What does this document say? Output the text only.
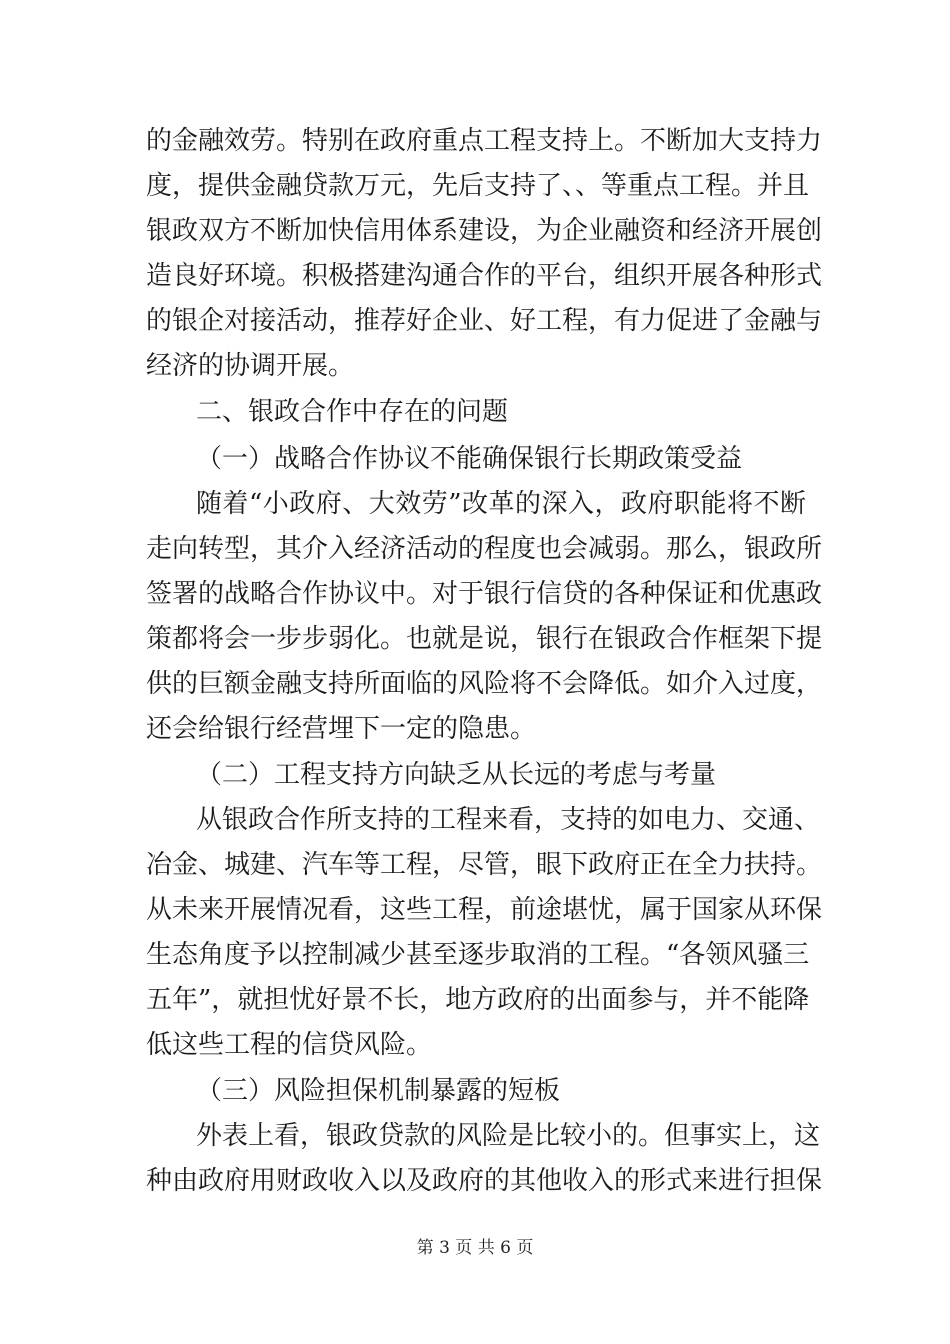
的金融效劳。特别在政府重点工程支持上。不断加大支持力
度，提供金融贷款万元，先后支持了、、等重点工程。并且
银政双方不断加快信用体系建设，为企业融资和经济开展创
造良好环境。积极搭建沟通合作的平台，组织开展各种形式
的银企对接活动，推荐好企业、好工程，有力促进了金融与
经济的协调开展。
二、银政合作中存在的问题
（一）战略合作协议不能确保银行长期政策受益
随着“小政府、大效劳”改革的深入，政府职能将不断
走向转型，其介入经济活动的程度也会减弱。那么，银政所
签署的战略合作协议中。对于银行信贷的各种保证和优惠政
策都将会一步步弱化。也就是说，银行在银政合作框架下提
供的巨额金融支持所面临的风险将不会降低。如介入过度，
还会给银行经营埋下一定的隐患。
（二）工程支持方向缺乏从长远的考虑与考量
从银政合作所支持的工程来看，支持的如电力、交通、
冶金、城建、汽车等工程，尽管，眼下政府正在全力扶持。
从未来开展情况看，这些工程，前途堪忧，属于国家从环保
生态角度予以控制减少甚至逐步取消的工程。“各领风骚三
五年”，就担忧好景不长，地方政府的出面参与，并不能降
低这些工程的信贷风险。
（三）风险担保机制暴露的短板
外表上看，银政贷款的风险是比较小的。但事实上，这
种由政府用财政收入以及政府的其他收入的形式来进行担保
第 3 页 共 6 页
